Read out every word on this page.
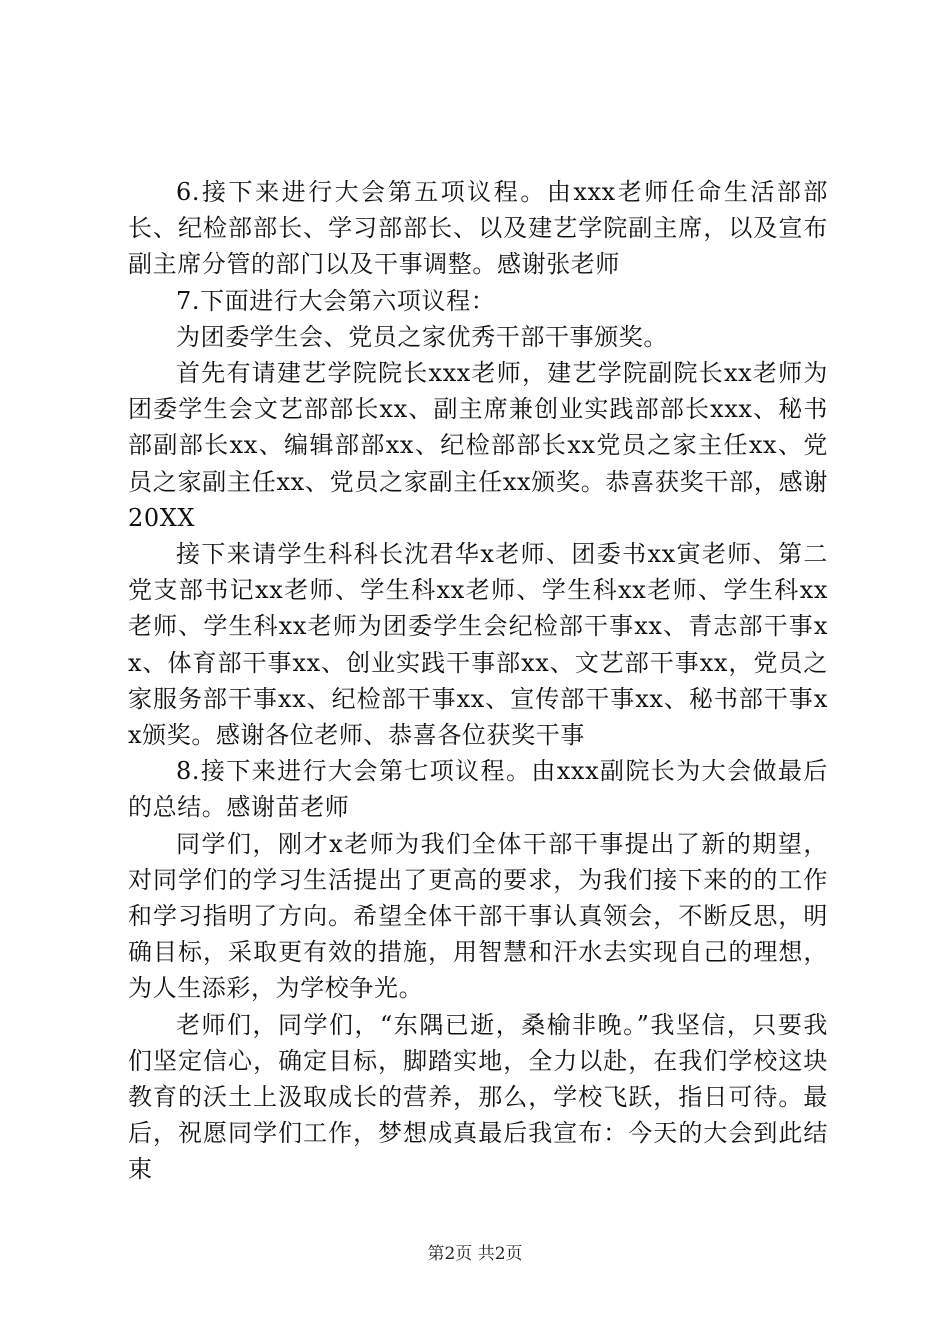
6.接下来进行大会第五项议程。由xxx老师任命生活部部长、纪检部部长、学习部部长、以及建艺学院副主席，以及宣布副主席分管的部门以及干事调整。感谢张老师

7.下面进行大会第六项议程：

为团委学生会、党员之家优秀干部干事颁奖。

首先有请建艺学院院长xxx老师，建艺学院副院长xx老师为团委学生会文艺部部长xx、副主席兼创业实践部部长xxx、秘书部副部长xx、编辑部部xx、纪检部部长xx党员之家主任xx、党员之家副主任xx、党员之家副主任xx颁奖。恭喜获奖干部，感谢20XX

接下来请学生科科长沈君华x老师、团委书xx寅老师、第二党支部书记xx老师、学生科xx老师、学生科xx老师、学生科xx老师、学生科xx老师为团委学生会纪检部干事xx、青志部干事xx、体育部干事xx、创业实践干事部xx、文艺部干事xx，党员之家服务部干事xx、纪检部干事xx、宣传部干事xx、秘书部干事xx颁奖。感谢各位老师、恭喜各位获奖干事

8.接下来进行大会第七项议程。由xxx副院长为大会做最后的总结。感谢苗老师

同学们，刚才x老师为我们全体干部干事提出了新的期望，对同学们的学习生活提出了更高的要求，为我们接下来的的工作和学习指明了方向。希望全体干部干事认真领会，不断反思，明确目标，采取更有效的措施，用智慧和汗水去实现自己的理想，为人生添彩，为学校争光。

老师们，同学们，“东隅已逝，桑榆非晚。”我坚信，只要我们坚定信心，确定目标，脚踏实地，全力以赴，在我们学校这块教育的沃土上汲取成长的营养，那么，学校飞跃，指日可待。最后，祝愿同学们工作，梦想成真最后我宣布：今天的大会到此结束

第2页 共2页
